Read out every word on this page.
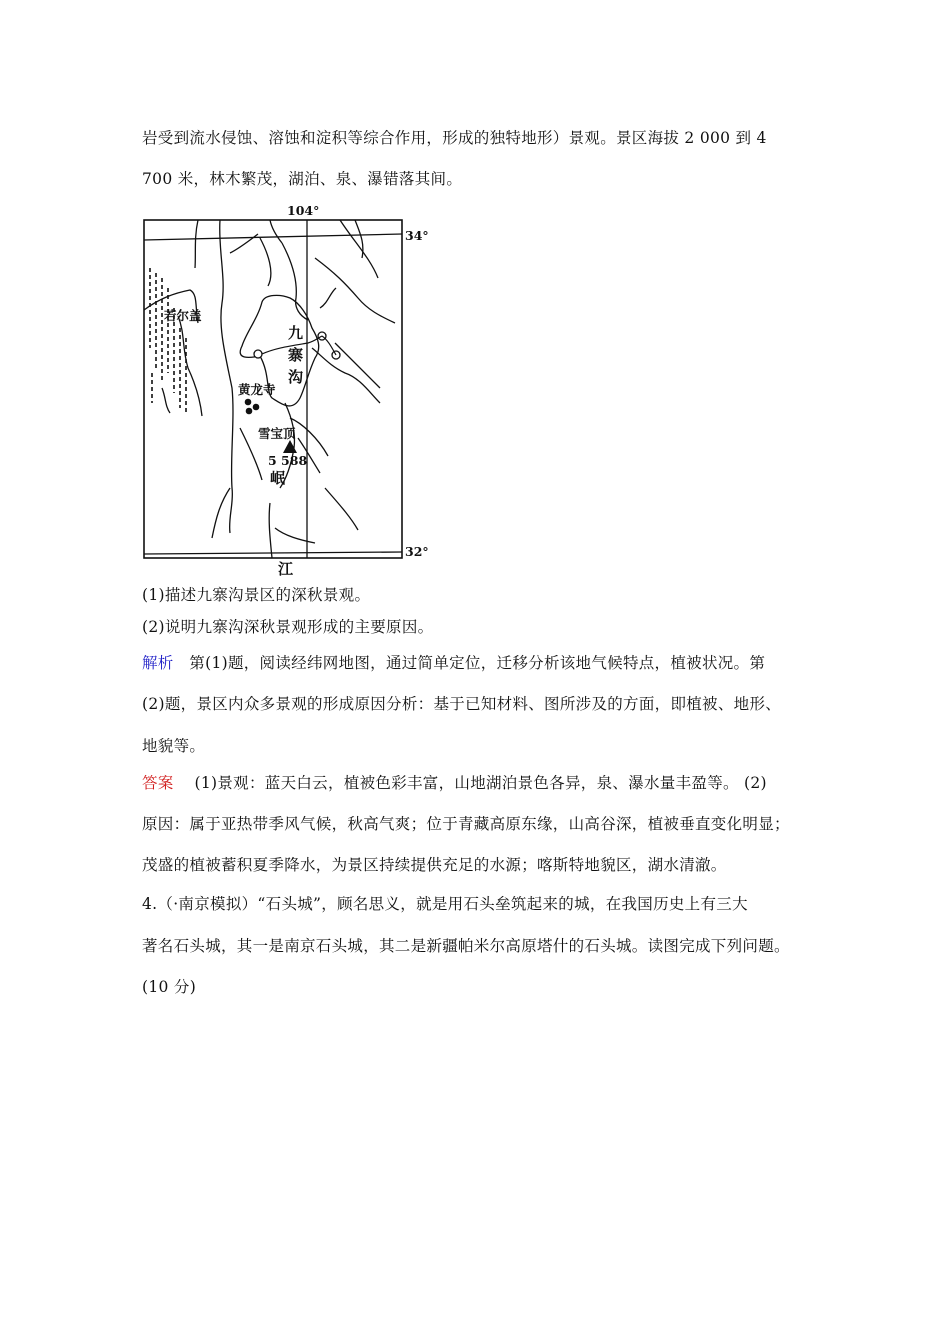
岩受到流水侵蚀、溶蚀和淀积等综合作用，形成的独特地形）景观。景区海拔 2 000 到 4
700 米，林木繁茂，湖泊、泉、瀑错落其间。
104°
34°
32°
若尔盖
九
寨
沟
黄龙寺
雪宝顶
5 588
岷
江
(1)描述九寨沟景区的深秋景观。
(2)说明九寨沟深秋景观形成的主要原因。
解析 第(1)题，阅读经纬网地图，通过简单定位，迁移分析该地气候特点，植被状况。第
(2)题，景区内众多景观的形成原因分析：基于已知材料、图所涉及的方面，即植被、地形、
地貌等。
答案 (1)景观：蓝天白云，植被色彩丰富，山地湖泊景色各异，泉、瀑水量丰盈等。 (2)
原因：属于亚热带季风气候，秋高气爽；位于青藏高原东缘，山高谷深，植被垂直变化明显；
茂盛的植被蓄积夏季降水，为景区持续提供充足的水源；喀斯特地貌区，湖水清澈。
4.（·南京模拟）“石头城”，顾名思义，就是用石头垒筑起来的城，在我国历史上有三大
著名石头城，其一是南京石头城，其二是新疆帕米尔高原塔什的石头城。读图完成下列问题。
(10 分)
